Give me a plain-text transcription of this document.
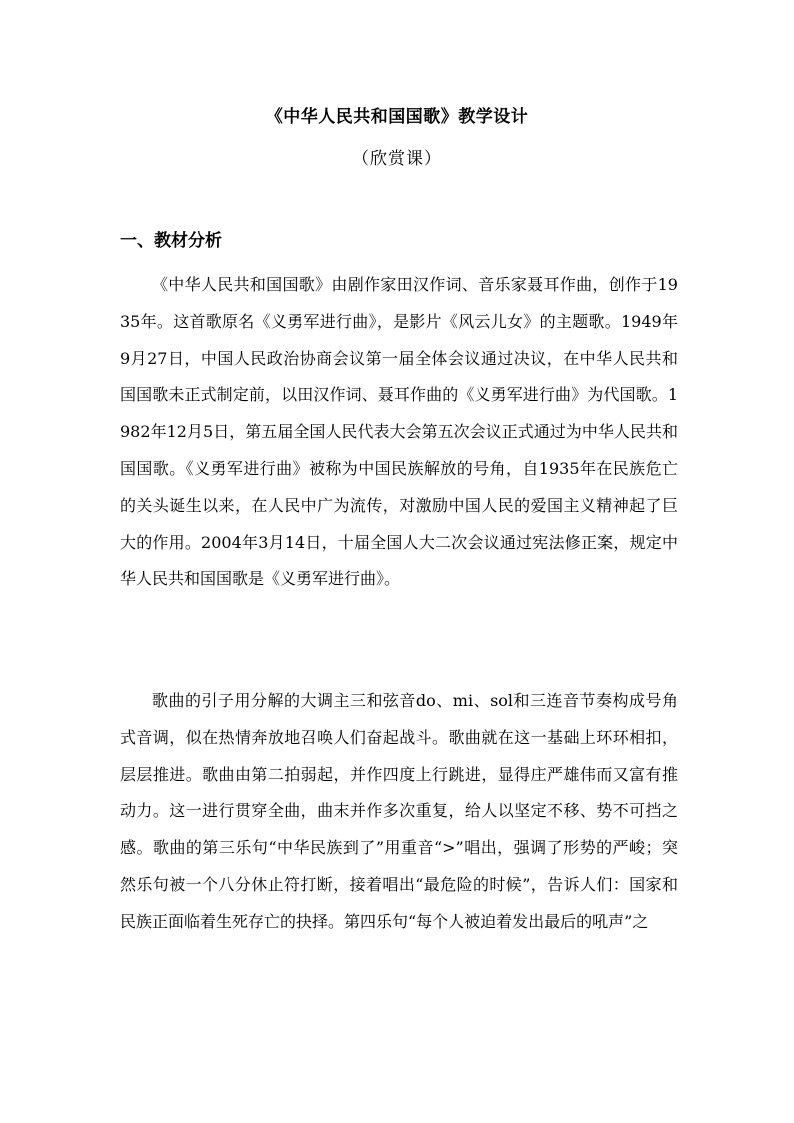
《中华人民共和国国歌》教学设计
（欣赏课）
一、教材分析

《中华人民共和国国歌》由剧作家田汉作词、音乐家聂耳作曲，创作于1935年。这首歌原名《义勇军进行曲》，是影片《风云儿女》的主题歌。1949年9月27日，中国人民政治协商会议第一届全体会议通过决议，在中华人民共和国国歌未正式制定前，以田汉作词、聂耳作曲的《义勇军进行曲》为代国歌。1982年12月5日，第五届全国人民代表大会第五次会议正式通过为中华人民共和国国歌。《义勇军进行曲》被称为中国民族解放的号角，自1935年在民族危亡的关头诞生以来，在人民中广为流传，对激励中国人民的爱国主义精神起了巨大的作用。2004年3月14日，十届全国人大二次会议通过宪法修正案，规定中华人民共和国国歌是《义勇军进行曲》。

歌曲的引子用分解的大调主三和弦音do、mi、sol和三连音节奏构成号角式音调，似在热情奔放地召唤人们奋起战斗。歌曲就在这一基础上环环相扣，层层推进。歌曲由第二拍弱起，并作四度上行跳进，显得庄严雄伟而又富有推动力。这一进行贯穿全曲，曲末并作多次重复，给人以坚定不移、势不可挡之感。歌曲的第三乐句“中华民族到了”用重音“>”唱出，强调了形势的严峻；突然乐句被一个八分休止符打断，接着唱出“最危险的时候”，告诉人们：国家和民族正面临着生死存亡的抉择。第四乐句“每个人被迫着发出最后的吼声”之
